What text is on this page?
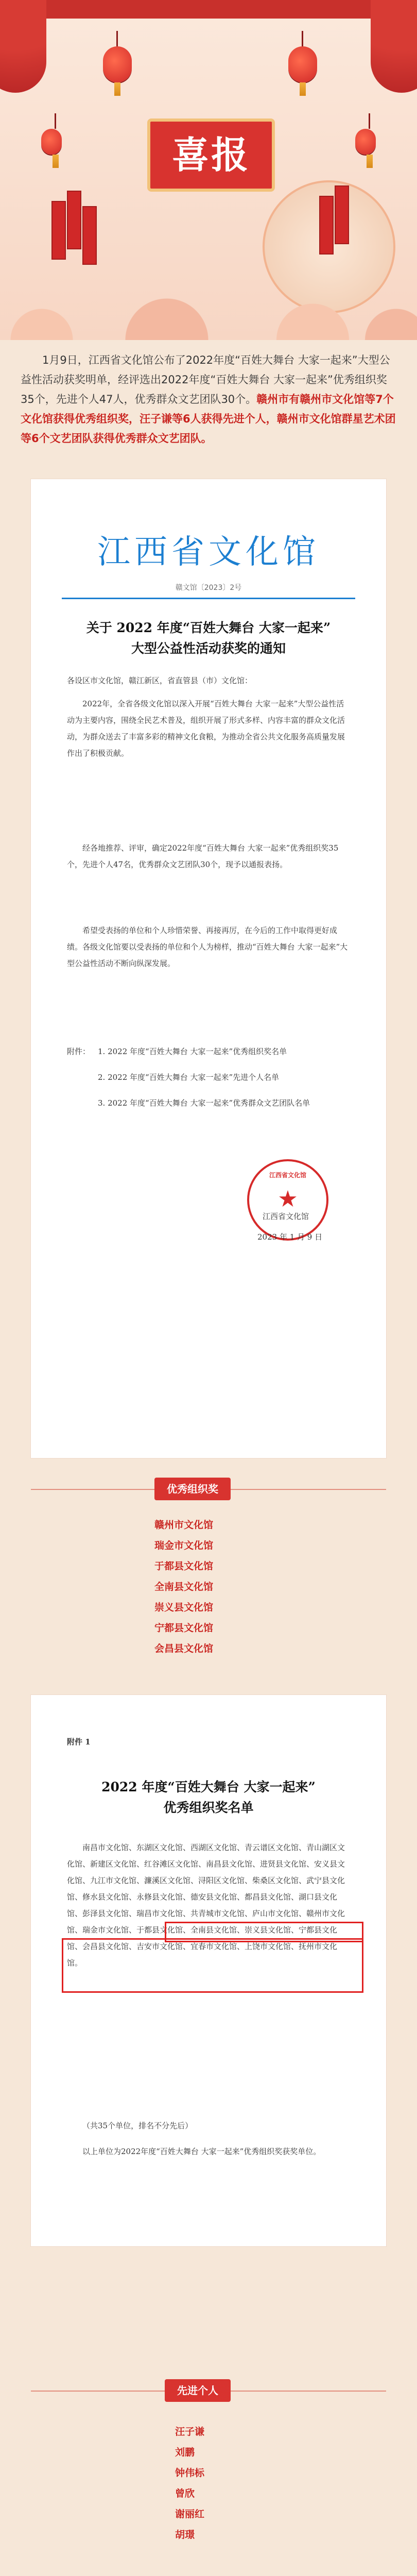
喜报
1月9日，江西省文化馆公布了2022年度“百姓大舞台 大家一起来”大型公益性活动获奖明单，经评选出2022年度“百姓大舞台 大家一起来”优秀组织奖35个，先进个人47人，优秀群众文艺团队30个。赣州市有赣州市文化馆等7个文化馆获得优秀组织奖，汪子谦等6人获得先进个人，赣州市文化馆群星艺术团等6个文艺团队获得优秀群众文艺团队。
江西省文化馆
赣文馆〔2023〕2号
关于 2022 年度“百姓大舞台 大家一起来”
大型公益性活动获奖的通知
各设区市文化馆，赣江新区，省直管县（市）文化馆：
2022年，全省各级文化馆以深入开展“百姓大舞台 大家一起来”大型公益性活动为主要内容，围绕全民艺术普及，组织开展了形式多样、内容丰富的群众文化活动，为群众送去了丰富多彩的精神文化食粮，为推动全省公共文化服务高质量发展作出了积极贡献。
经各地推荐、评审，确定2022年度“百姓大舞台 大家一起来”优秀组织奖35个，先进个人47名，优秀群众文艺团队30个，现予以通报表扬。
希望受表扬的单位和个人珍惜荣誉、再接再厉，在今后的工作中取得更好成绩。各级文化馆要以受表扬的单位和个人为榜样，推动“百姓大舞台 大家一起来”大型公益性活动不断向纵深发展。
附件： 1. 2022 年度“百姓大舞台 大家一起来”优秀组织奖名单
2. 2022 年度“百姓大舞台 大家一起来”先进个人名单
3. 2022 年度“百姓大舞台 大家一起来”优秀群众文艺团队名单
江西省文化馆
★
江西省文化馆
2023 年 1 月 9 日
优秀组织奖
赣州市文化馆
瑞金市文化馆
于都县文化馆
全南县文化馆
崇义县文化馆
宁都县文化馆
会昌县文化馆
附件 1
2022 年度“百姓大舞台 大家一起来”
优秀组织奖名单
南昌市文化馆、东湖区文化馆、西湖区文化馆、青云谱区文化馆、青山湖区文化馆、新建区文化馆、红谷滩区文化馆、南昌县文化馆、进贤县文化馆、安义县文化馆、九江市文化馆、濂溪区文化馆、浔阳区文化馆、柴桑区文化馆、武宁县文化馆、修水县文化馆、永修县文化馆、德安县文化馆、都昌县文化馆、湖口县文化馆、彭泽县文化馆、瑞昌市文化馆、共青城市文化馆、庐山市文化馆、赣州市文化馆、瑞金市文化馆、于都县文化馆、全南县文化馆、崇义县文化馆、宁都县文化馆、会昌县文化馆、吉安市文化馆、宜春市文化馆、上饶市文化馆、抚州市文化馆。
（共35个单位，排名不分先后）
以上单位为2022年度“百姓大舞台 大家一起来”优秀组织奖获奖单位。
先进个人
汪子谦
刘鹏
钟伟标
曾欣
谢丽红
胡璟
